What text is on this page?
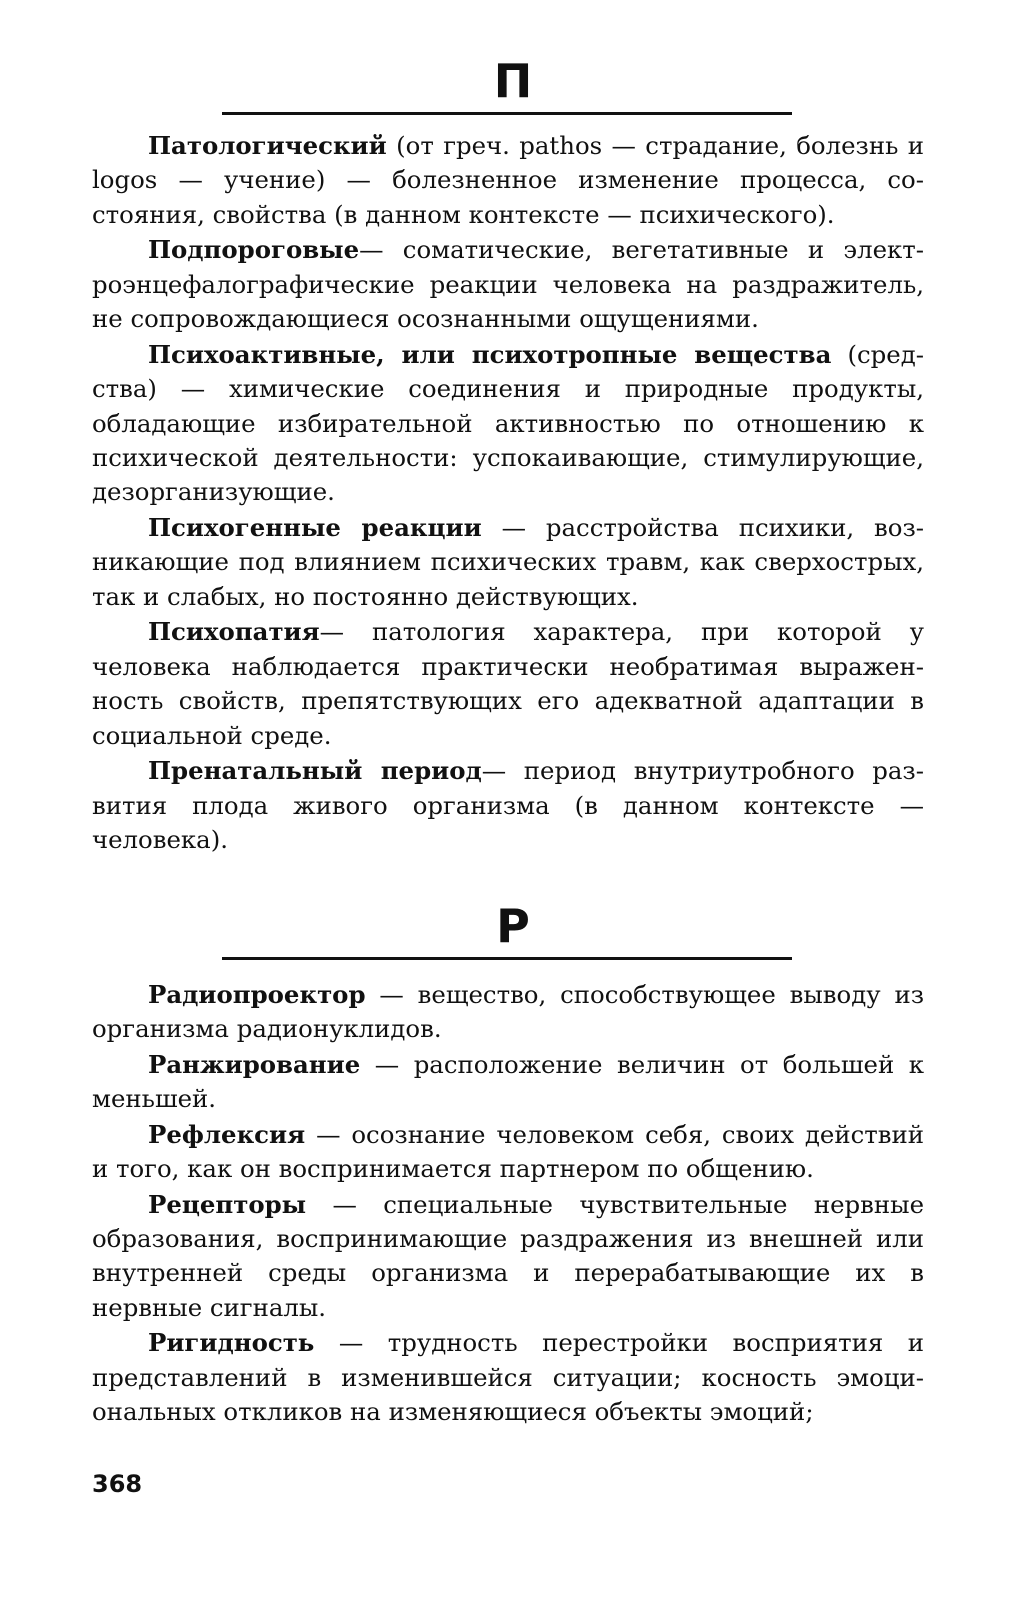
П

Патологический (от греч. pathos — страдание, болезнь и logos — учение) — болезненное изменение процесса, состояния, свойства (в данном контексте — психического).

Подпороговые— соматические, вегетативные и электроэнцефалографические реакции человека на раздражитель, не сопровождающиеся осознанными ощущениями.

Психоактивные, или психотропные вещества (средства) — химические соединения и природные продукты, обладающие избирательной активностью по отношению к психической деятельности: успокаивающие, стимулирующие, дезорганизующие.

Психогенные реакции — расстройства психики, возникающие под влиянием психических травм, как сверхострых, так и слабых, но постоянно действующих.

Психопатия— патология характера, при которой у человека наблюдается практически необратимая выраженность свойств, препятствующих его адекватной адаптации в социальной среде.

Пренатальный период— период внутриутробного развития плода живого организма (в данном контексте — человека).

Р

Радиопроектор — вещество, способствующее выводу из организма радионуклидов.

Ранжирование — расположение величин от большей к меньшей.

Рефлексия — осознание человеком себя, своих действий и того, как он воспринимается партнером по общению.

Рецепторы — специальные чувствительные нервные образования, воспринимающие раздражения из внешней или внутренней среды организма и перерабатывающие их в нервные сигналы.

Ригидность — трудность перестройки восприятия и представлений в изменившейся ситуации; косность эмоциональных откликов на изменяющиеся объекты эмоций;

368
